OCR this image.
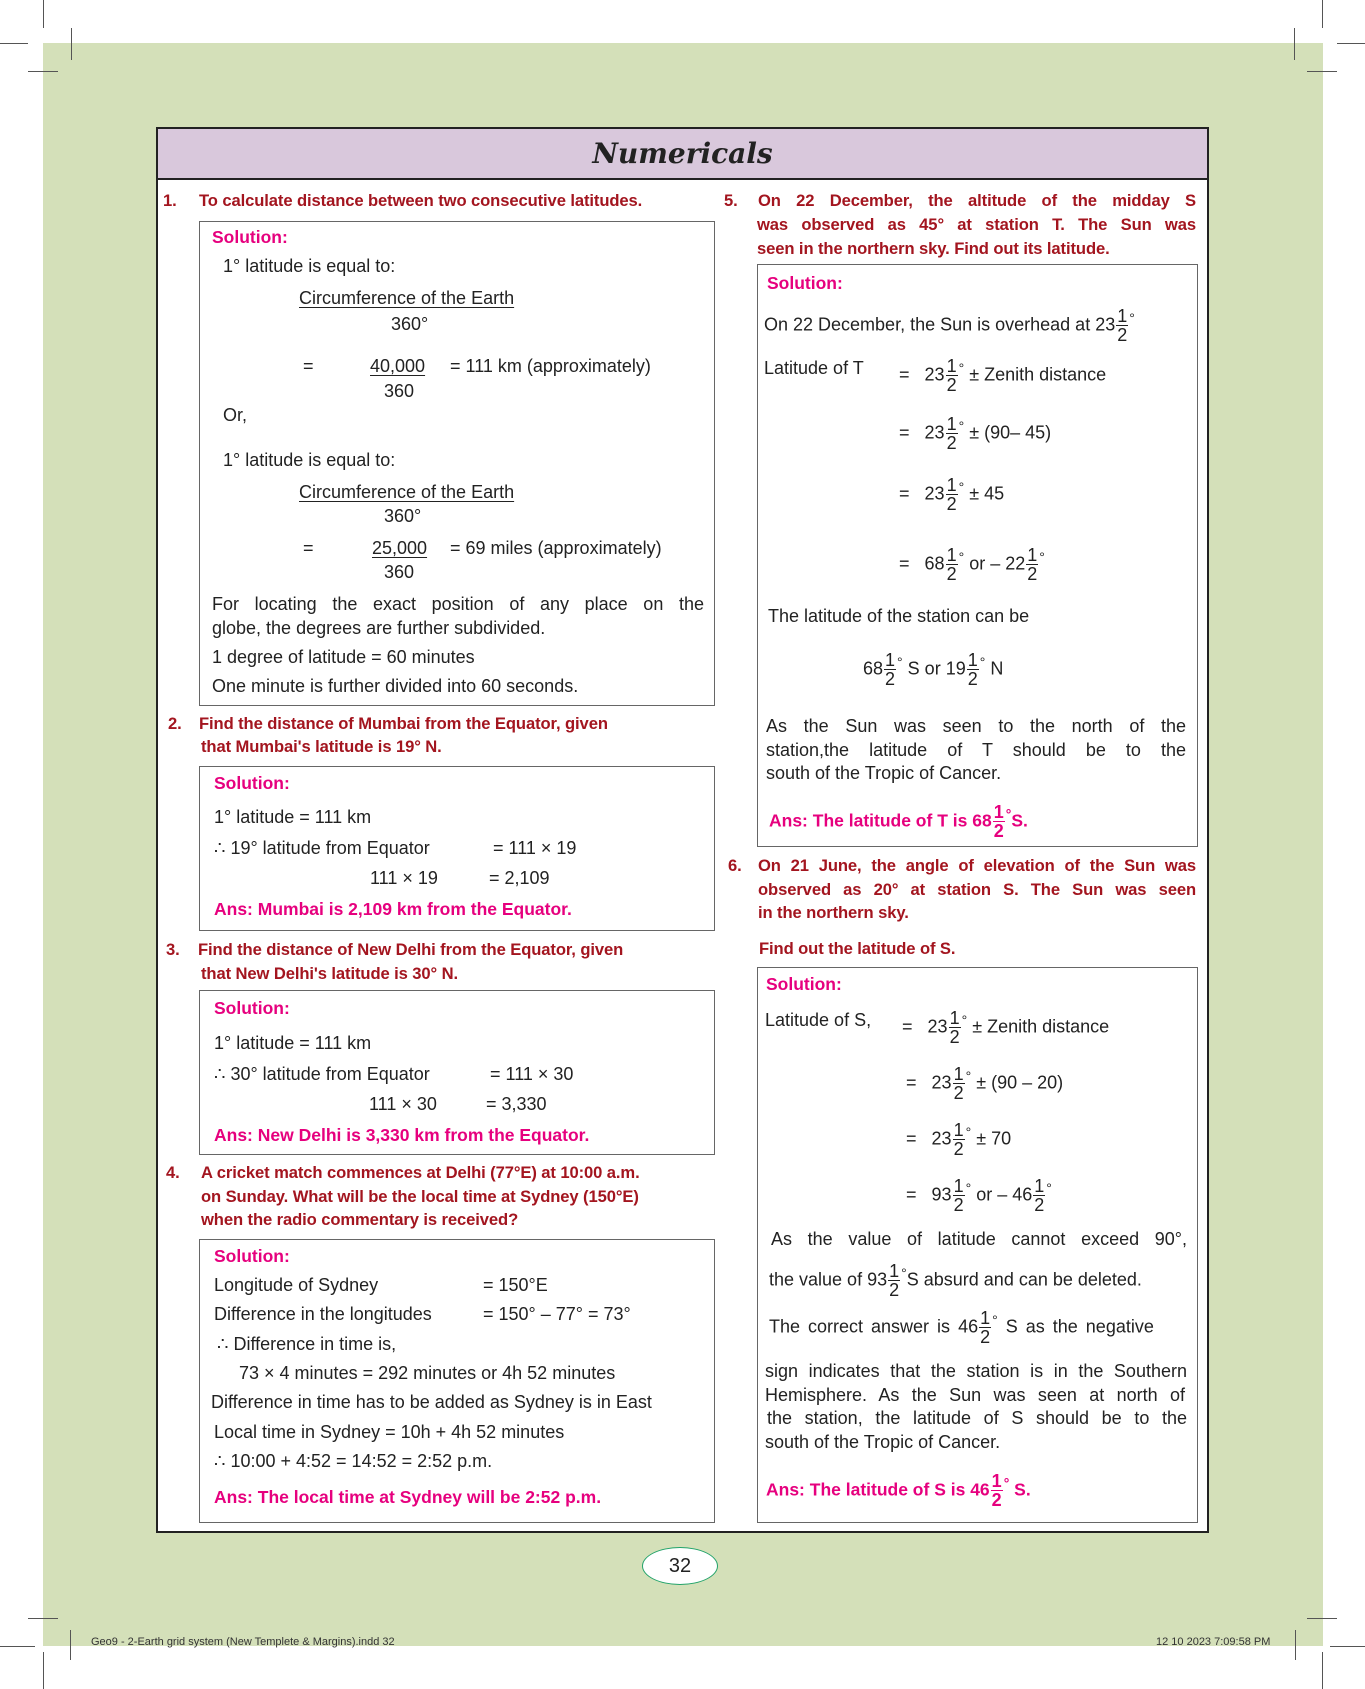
Numericals
1. To calculate distance between two consecutive latitudes.
Solution:
1° latitude is equal to:
Circumference of the Earth
360°
=	40,000 = 111 km (approximately)
360
Or,
1° latitude is equal to:
Circumference of the Earth
360°
=	25,000 = 69 miles (approximately)
360
For locating the exact position of any place on the
globe, the degrees are further subdivided.
1 degree of latitude = 60 minutes
One minute is further divided into 60 seconds.
2. Find the distance of Mumbai from the Equator, given
that Mumbai's latitude is 19° N.
Solution:
1° latitude = 111 km
∴ 19° latitude from Equator	= 111 × 19
111 × 19	= 2,109
Ans: Mumbai is 2,109 km from the Equator.
3. Find the distance of New Delhi from the Equator, given
that New Delhi's latitude is 30° N.
Solution:
1° latitude = 111 km
∴ 30° latitude from Equator	= 111 × 30
111 × 30	= 3,330
Ans: New Delhi is 3,330 km from the Equator.
4. A cricket match commences at Delhi (77°E) at 10:00 a.m.
on Sunday. What will be the local time at Sydney (150°E)
when the radio commentary is received?
Solution:
Longitude of Sydney	= 150°E
Difference in the longitudes	= 150° – 77° = 73°
∴ Difference in time is,
73 × 4 minutes = 292 minutes or 4h 52 minutes
Difference in time has to be added as Sydney is in East
Local time in Sydney = 10h + 4h 52 minutes
∴ 10:00 + 4:52 = 14:52 = 2:52 p.m.
Ans: The local time at Sydney will be 2:52 p.m.
5. On 22 December, the altitude of the midday S
was observed as 45° at station T. The Sun was
seen in the northern sky. Find out its latitude.
Solution:
On 22 December, the Sun is overhead at $23 \frac{1}{2} ^\circ$
Latitude of $T = 23 \frac{1}{2} ^\circ$ ± Zenith distance
= $23 \frac{1}{2} ^\circ \pm (90-$ 45)
= $23 \frac{1}{2} ^\circ \pm 45$
= $68 \frac{1}{2} ^\circ$ or – $22 \frac{1}{2} ^\circ$
The latitude of the station can be
$68 \frac{1}{2} ^\circ$ S or $19 \frac{1}{2} ^\circ$ N
As the Sun was seen to the north of the
station,the latitude of T should be to the
south of the Tropic of Cancer.
Ans: The latitude of T is $68 \frac{1}{2} ^\circ S$.
6. On 21 June, the angle of elevation of the Sun was
observed as 20° at station S. The Sun was seen
in the northern sky.
Find out the latitude of S.
Solution:
Latitude of S, = $23 \frac{1}{2} ^\circ$ ± Zenith distance
= $23 \frac{1}{2} ^\circ \pm (90 - 20)$
= $23 \frac{1}{2} ^\circ \pm 70$
= $93 \frac{1}{2} ^\circ$ or – $46 \frac{1}{2} ^\circ$
As the value of latitude cannot exceed 90°,
the value of $93 \frac{1}{2} ^\circ S$ absurd and can be deleted.
The correct answer is $46 \frac{1}{2} ^\circ$ S as the negative
sign indicates that the station is in the Southern
Hemisphere. As the Sun was seen at north of
the station, the latitude of S should be to the
south of the Tropic of Cancer.
Ans: The latitude of S is $46 \frac{1}{2} ^\circ$ S.
32
Geo9 - 2-Earth grid system (New Templete & Margins).indd 32	12 10 2023 7:09:58 PM
